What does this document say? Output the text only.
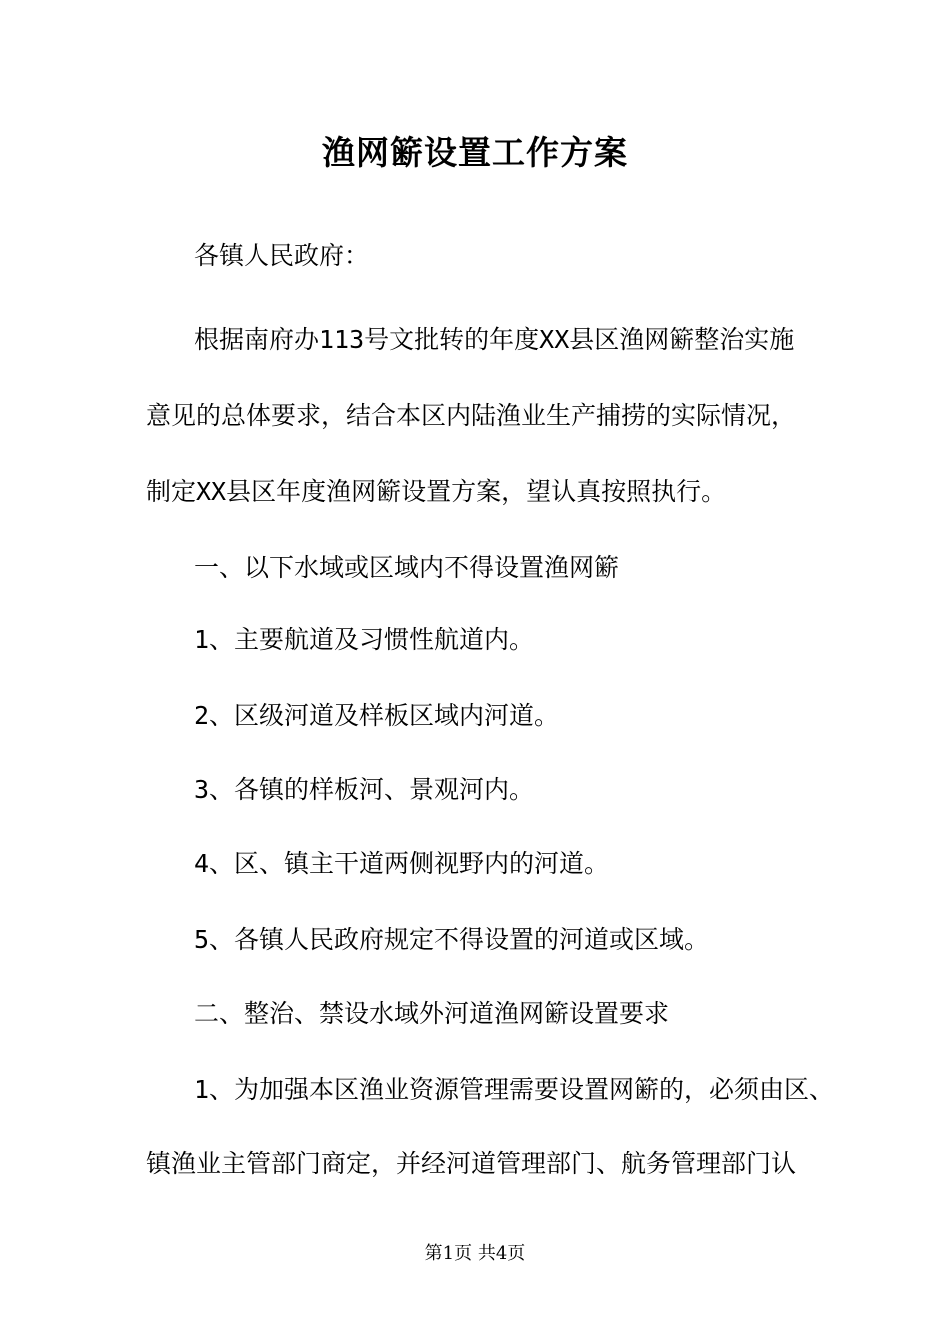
渔网簖设置工作方案

各镇人民政府：

根据南府办113号文批转的年度XX县区渔网簖整治实施

意见的总体要求，结合本区内陆渔业生产捕捞的实际情况，

制定XX县区年度渔网簖设置方案，望认真按照执行。

一、以下水域或区域内不得设置渔网簖

1、主要航道及习惯性航道内。

2、区级河道及样板区域内河道。

3、各镇的样板河、景观河内。

4、区、镇主干道两侧视野内的河道。

5、各镇人民政府规定不得设置的河道或区域。

二、整治、禁设水域外河道渔网簖设置要求

1、为加强本区渔业资源管理需要设置网簖的，必须由区、

镇渔业主管部门商定，并经河道管理部门、航务管理部门认

第1页 共4页
